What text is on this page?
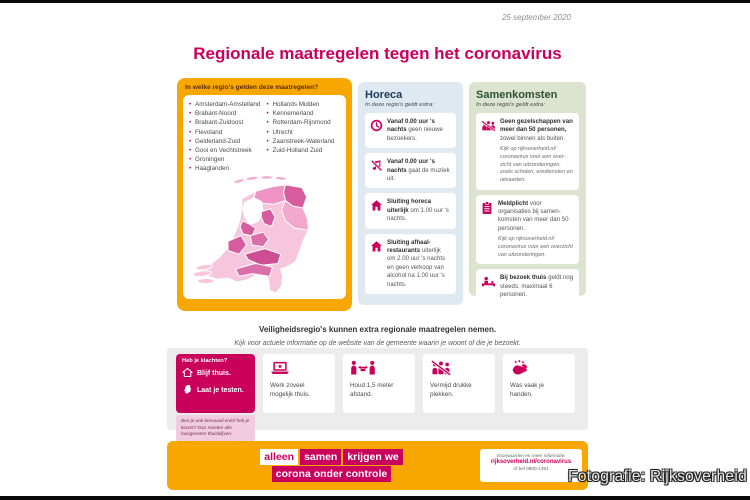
25 september 2020
Regionale maatregelen tegen het coronavirus
In welke regio's gelden deze maatregelen?
• Amsterdam-Amstelland
• Brabant-Noord
• Brabant-Zuidoost
• Flevoland
• Gelderland-Zuid
• Gooi en Vechtstreek
• Groningen
• Haaglanden
• Hollands Midden
• Kennemerland
• Rotterdam-Rijnmond
• Utrecht
• Zaanstreek-Waterland
• Zuid-Holland Zuid
Horeca
In deze regio's geldt extra:

Vanaf 0.00 uur 's nachts geen nieuwe bezoekers.

Vanaf 0.00 uur 's nachts gaat de muziek uit.

Sluiting horeca uiterlijk om 1.00 uur 's nachts.

Sluiting afhaal-restaurants uiterlijk om 2.00 uur 's nachts en geen verkoop van alcohol na 1.00 uur 's nachts.

Samenkomsten
In deze regio's geldt extra:

Geen gezelschappen van meer dan 50 personen, zowel binnen als buiten.
Kijk op rijksoverheid.nl/ coronavirus voor een overzicht van uitzonderingen, zoals scholen, erediensten en uitvaarten.

Meldplicht voor organisaties bij samenkomsten van meer dan 50 personen.
Kijk op rijksoverheid.nl/ coronavirus voor een overzicht van uitzonderingen.

Bij bezoek thuis geldt nog steeds: maximaal 6 personen.

Veiligheidsregio's kunnen extra regionale maatregelen nemen.
Kijk voor actuele informatie op de website van de gemeente waarin je woont of die je bezoekt.
Heb je klachten?
Blijf thuis.
Laat je testen.
Ben je ook benauwd en/of heb je koorts? Dan moeten alle huisgenoten thuisblijven.

Werk zoveel mogelijk thuis.

Houd 1,5 meter afstand.

Vermijd drukke plekken.

Was vaak je handen.

alleen samen krijgen we
corona onder controle
Voorwaarden en meer informatie:
rijksoverheid.nl/coronavirus
of bel 0800-1351	Fotografie: Rijksoverheid
